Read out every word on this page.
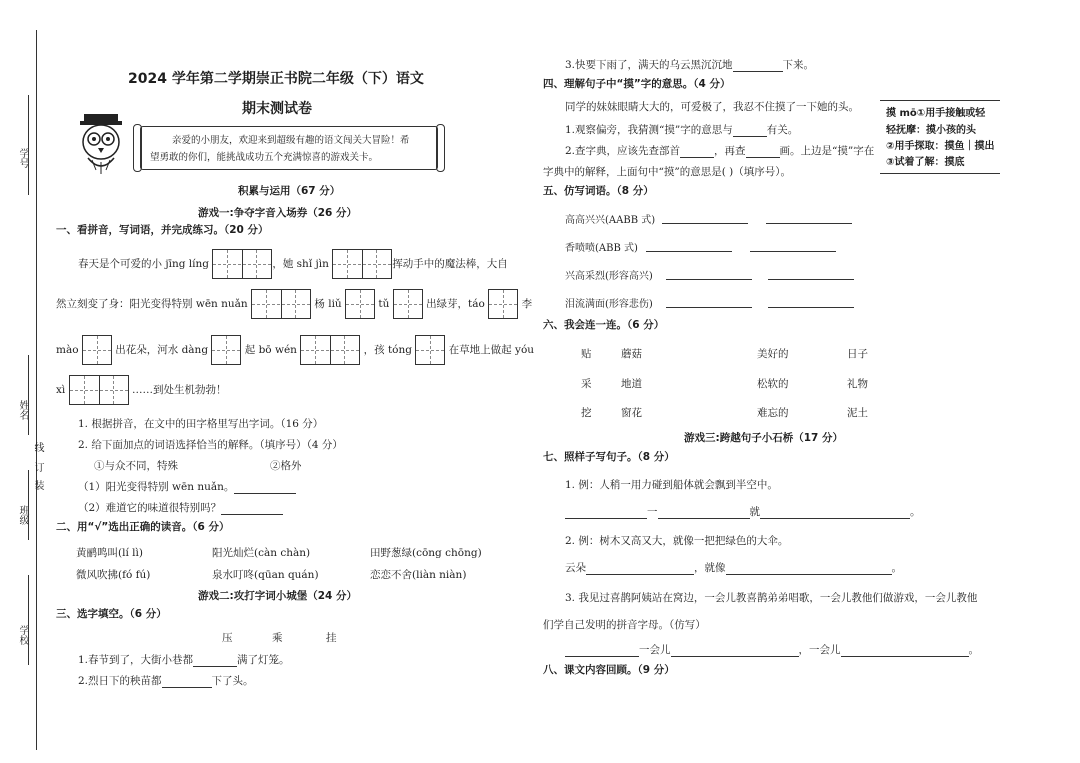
学号
姓名
线
订
装
班级
学校
2024 学年第二学期崇正书院二年级（下）语文
期末测试卷
亲爱的小朋友，欢迎来到超级有趣的语文闯关大冒险！希
望勇敢的你们，能挑战成功五个充满惊喜的游戏关卡。
积累与运用（67 分）
游戏一:争夺字音入场券（26 分）
一、看拼音，写词语，并完成练习。（20 分）
春天是个可爱的小 jīng líng	，她 shǐ jìn	挥动手中的魔法棒，大自
然立刻变了身：阳光变得特别 wēn nuǎn	杨 liǔ	tǔ	出绿芽，táo	李
mào	出花朵，河水 dàng	起 bō wén	，孩 tóng	在草地上做起 yóu
xì	……到处生机勃勃！
1. 根据拼音，在文中的田字格里写出字词。（16 分）
2. 给下面加点的词语选择恰当的解释。（填序号）（4 分）
①与众不同，特殊	②格外
（1）阳光变得特别 wēn nuǎn。
（2）难道它的味道很特别吗？
二、用“√”选出正确的读音。（6 分）
黄鹂鸣叫(lí lì)	阳光灿烂(càn chàn)	田野葱绿(cōng chōng)
微风吹拂(fó fú)	泉水叮咚(qūan quán)	恋恋不舍(liàn niàn)
游戏二:攻打字词小城堡（24 分）
三、选字填空。（6 分）
压	乘	挂
1.春节到了，大街小巷都	满了灯笼。
2.烈日下的秧苗都	下了头。
3.快要下雨了，满天的乌云黑沉沉地	下来。
四、理解句子中“摸”字的意思。（4 分）
同学的妹妹眼睛大大的，可爱极了，我忍不住摸了一下她的头。
1.观察偏旁，我猜测“摸”字的意思与	有关。
2.查字典，应该先查部首	，再查	画。上边是“摸”字在
字典中的解释，上面句中“摸”的意思是( )（填序号）。
摸 mō①用手接触或轻
轻抚摩：摸小孩的头
②用手探取：摸鱼｜摸出
③试着了解：摸底
五、仿写词语。（8 分）
高高兴兴(AABB 式)
香喷喷(ABB 式)
兴高采烈(形容高兴)
泪流满面(形容悲伤)
六、我会连一连。（6 分）
贴	蘑菇	美好的	日子
采	地道	松软的	礼物
挖	窗花	难忘的	泥土
游戏三:跨越句子小石桥（17 分）
七、照样子写句子。（8 分）
1. 例：人稍一用力碰到船体就会飘到半空中。
一	就	。
2. 例：树木又高又大，就像一把把绿色的大伞。
云朵	，就像	。
3. 我见过喜鹊阿姨站在窝边，一会儿教喜鹊弟弟唱歌，一会儿教他们做游戏，一会儿教他
们学自己发明的拼音字母。（仿写）
一会儿	，一会儿	。
八、课文内容回顾。（9 分）
